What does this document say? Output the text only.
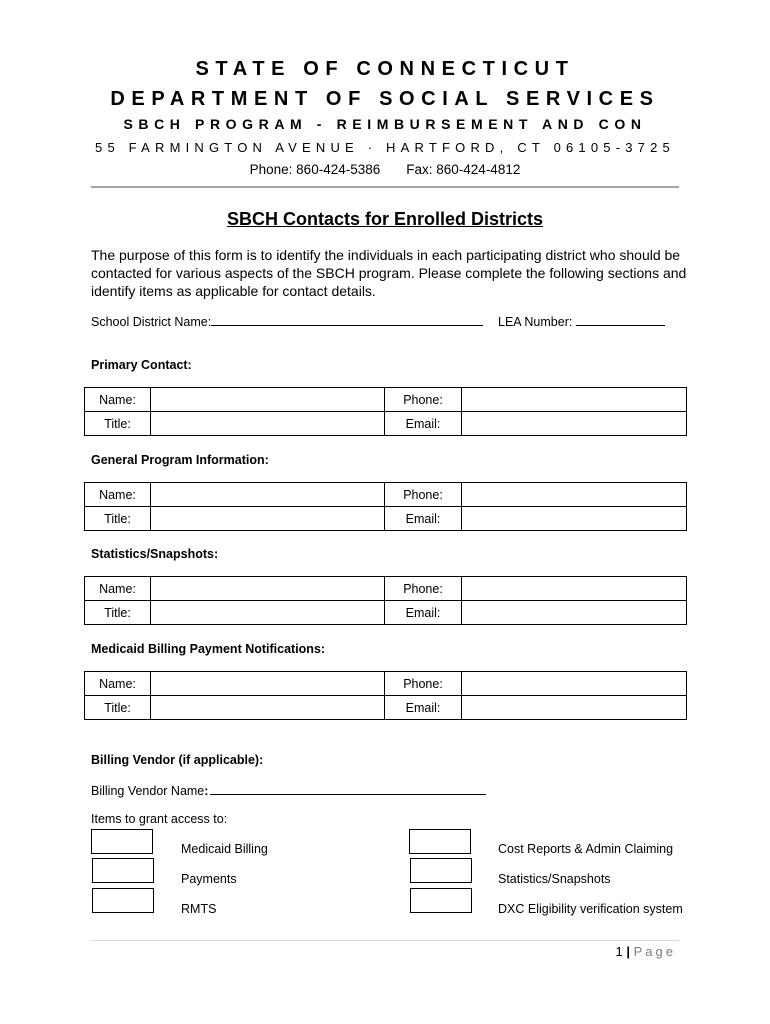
STATE OF CONNECTICUT
DEPARTMENT OF SOCIAL SERVICES
SBCH PROGRAM - REIMBURSEMENT AND CON
55 FARMINGTON AVENUE · HARTFORD, CT 06105-3725
Phone: 860-424-5386 Fax: 860-424-4812
SBCH Contacts for Enrolled Districts
The purpose of this form is to identify the individuals in each participating district who should be contacted for various aspects of the SBCH program. Please complete the following sections and identify items as applicable for contact details.
School District Name:	LEA Number:
Primary Contact:
Name:		Phone:	
Title:		Email:	
General Program Information:
Name:		Phone:	
Title:		Email:	
Statistics/Snapshots:
Name:		Phone:	
Title:		Email:	
Medicaid Billing Payment Notifications:
Name:		Phone:	
Title:		Email:	
Billing Vendor (if applicable):
Billing Vendor Name:
Items to grant access to:
Medicaid Billing
Payments
RMTS
Cost Reports & Admin Claiming
Statistics/Snapshots
DXC Eligibility verification system
1 | Page
